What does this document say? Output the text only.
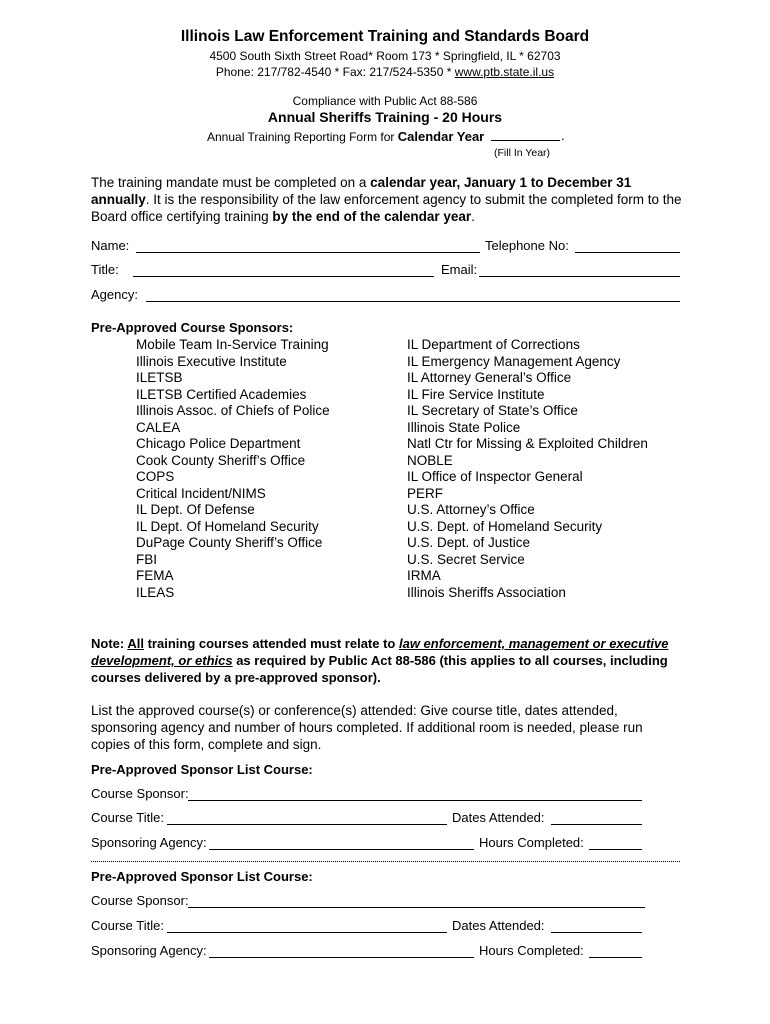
Illinois Law Enforcement Training and Standards Board
4500 South Sixth Street Road* Room 173 * Springfield, IL * 62703
Phone: 217/782-4540 * Fax: 217/524-5350 * www.ptb.state.il.us
Compliance with Public Act 88-586
Annual Sheriffs Training - 20 Hours
Annual Training Reporting Form for Calendar Year	.
(Fill In Year)
The training mandate must be completed on a calendar year, January 1 to December 31 annually. It is the responsibility of the law enforcement agency to submit the completed form to the Board office certifying training by the end of the calendar year.
Name:	Telephone No:
Title:	Email:
Agency:
Pre-Approved Course Sponsors:
Mobile Team In-Service Training
Illinois Executive Institute
ILETSB
ILETSB Certified Academies
Illinois Assoc. of Chiefs of Police
CALEA
Chicago Police Department
Cook County Sheriff’s Office
COPS
Critical Incident/NIMS
IL Dept. Of Defense
IL Dept. Of Homeland Security
DuPage County Sheriff’s Office
FBI
FEMA
ILEAS
IL Department of Corrections
IL Emergency Management Agency
IL Attorney General’s Office
IL Fire Service Institute
IL Secretary of State’s Office
Illinois State Police
Natl Ctr for Missing & Exploited Children
NOBLE
IL Office of Inspector General
PERF
U.S. Attorney’s Office
U.S. Dept. of Homeland Security
U.S. Dept. of Justice
U.S. Secret Service
IRMA
Illinois Sheriffs Association
Note: All training courses attended must relate to law enforcement, management or executive development, or ethics as required by Public Act 88-586 (this applies to all courses, including courses delivered by a pre-approved sponsor).
List the approved course(s) or conference(s) attended: Give course title, dates attended, sponsoring agency and number of hours completed. If additional room is needed, please run copies of this form, complete and sign.
Pre-Approved Sponsor List Course:
Course Sponsor:
Course Title:	Dates Attended:
Sponsoring Agency:	Hours Completed:
Pre-Approved Sponsor List Course:
Course Sponsor:
Course Title:	Dates Attended:
Sponsoring Agency:	Hours Completed:
